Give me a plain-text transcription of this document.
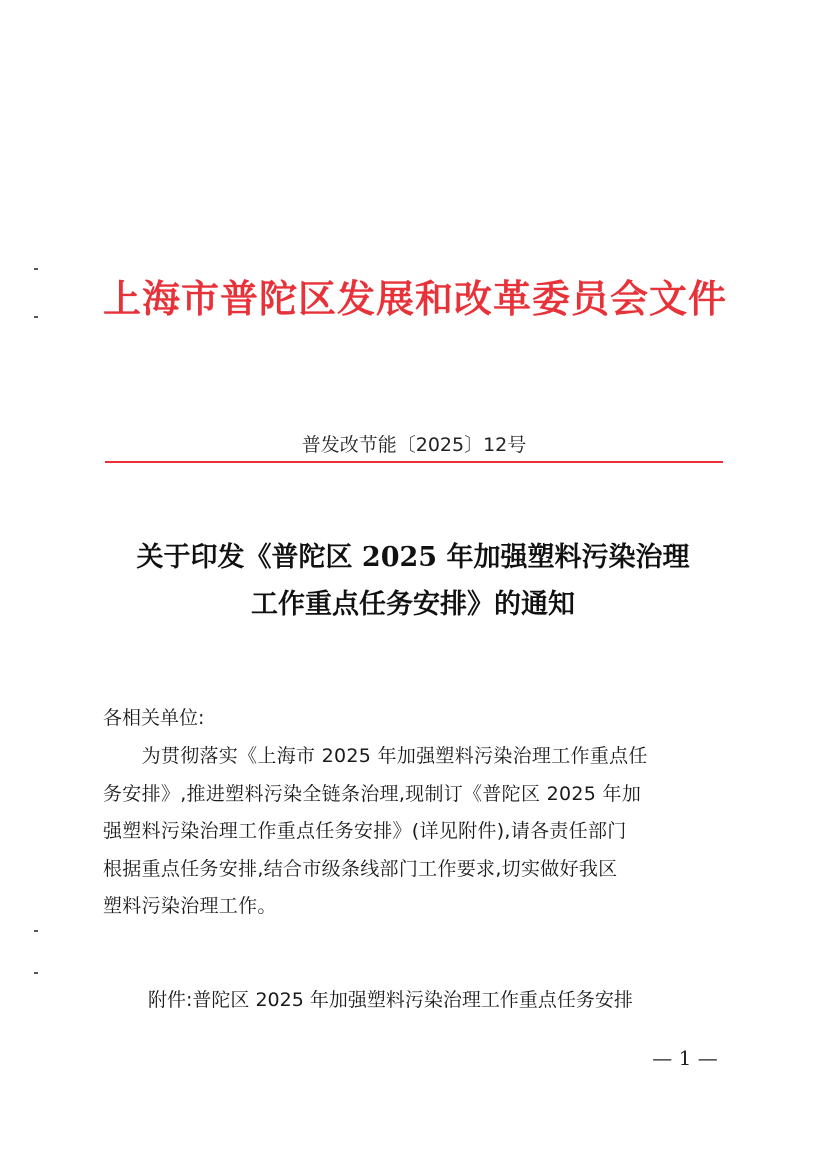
上海市普陀区发展和改革委员会文件
普发改节能〔2025〕12号
关于印发《普陀区 2025 年加强塑料污染治理
工作重点任务安排》的通知
各相关单位:
　　为贯彻落实《上海市 2025 年加强塑料污染治理工作重点任
务安排》,推进塑料污染全链条治理,现制订《普陀区 2025 年加
强塑料污染治理工作重点任务安排》(详见附件),请各责任部门
根据重点任务安排,结合市级条线部门工作要求,切实做好我区
塑料污染治理工作。
附件:普陀区 2025 年加强塑料污染治理工作重点任务安排
— 1 —
